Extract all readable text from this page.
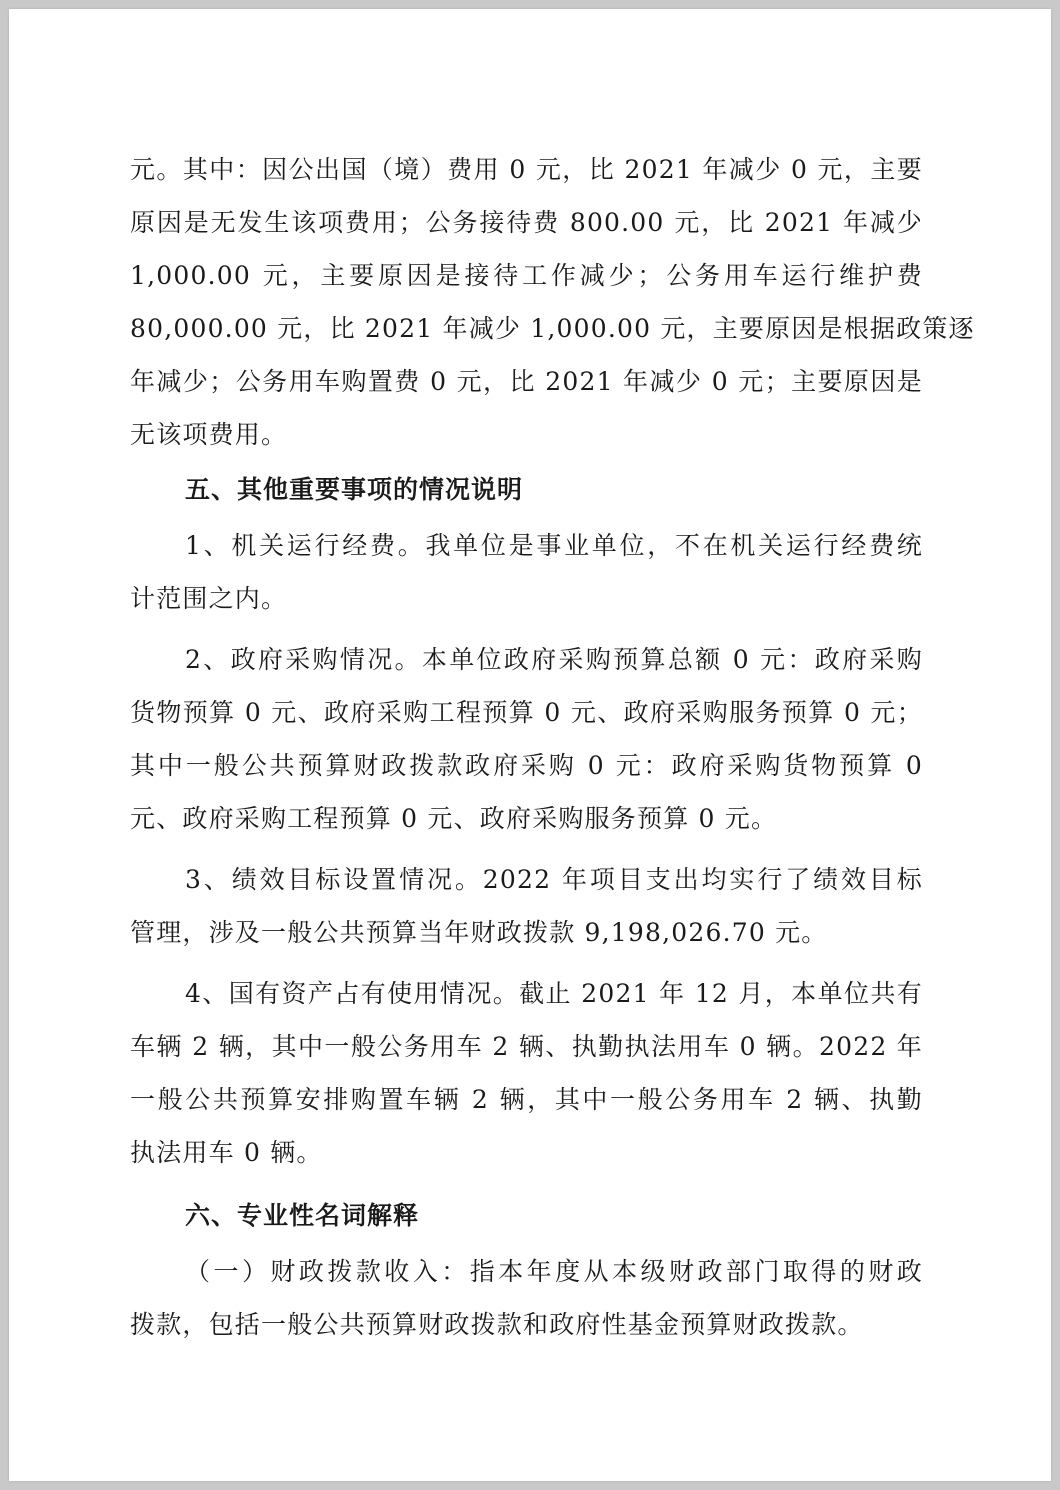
元。其中：因公出国（境）费用 0 元，比 2021 年减少 0 元，主要
原因是无发生该项费用；公务接待费 800.00 元，比 2021 年减少
1,000.00 元，主要原因是接待工作减少；公务用车运行维护费
80,000.00 元，比 2021 年减少 1,000.00 元，主要原因是根据政策逐
年减少；公务用车购置费 0 元，比 2021 年减少 0 元；主要原因是
无该项费用。
五、其他重要事项的情况说明
1、机关运行经费。我单位是事业单位，不在机关运行经费统
计范围之内。
2、政府采购情况。本单位政府采购预算总额 0 元：政府采购
货物预算 0 元、政府采购工程预算 0 元、政府采购服务预算 0 元；
其中一般公共预算财政拨款政府采购 0 元：政府采购货物预算 0
元、政府采购工程预算 0 元、政府采购服务预算 0 元。
3、绩效目标设置情况。2022 年项目支出均实行了绩效目标
管理，涉及一般公共预算当年财政拨款 9,198,026.70 元。
4、国有资产占有使用情况。截止 2021 年 12 月，本单位共有
车辆 2 辆，其中一般公务用车 2 辆、执勤执法用车 0 辆。2022 年
一般公共预算安排购置车辆 2 辆，其中一般公务用车 2 辆、执勤
执法用车 0 辆。
六、专业性名词解释
（一）财政拨款收入：指本年度从本级财政部门取得的财政
拨款，包括一般公共预算财政拨款和政府性基金预算财政拨款。
